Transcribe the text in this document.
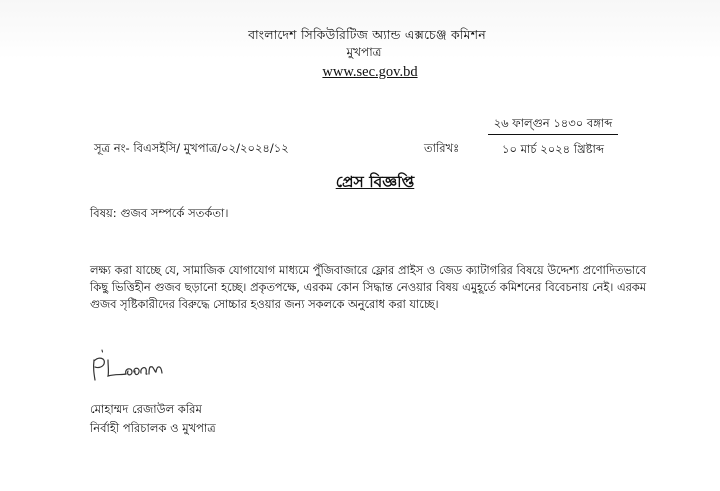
বাংলাদেশ সিকিউরিটিজ অ্যান্ড এক্সচেঞ্জ কমিশন
মুখপাত্র
www.sec.gov.bd
সূত্র নং- বিএসইসি/ মুখপাত্র/০২/২০২৪/১২	তারিখঃ
২৬ ফাল্গুন ১৪৩০ বঙ্গাব্দ
১০ মার্চ ২০২৪ খ্রিষ্টাব্দ
প্রেস বিজ্ঞপ্তি
বিষয়: গুজব সম্পর্কে সতর্কতা।
লক্ষ্য করা যাচ্ছে যে, সামাজিক যোগাযোগ মাধ্যমে পুঁজিবাজারে ফ্লোর প্রাইস ও জেড ক্যাটাগরির বিষয়ে উদ্দেশ্য প্রণোদিতভাবে কিছু ভিত্তিহীন গুজব ছড়ানো হচ্ছে। প্রকৃতপক্ষে, এরকম কোন সিদ্ধান্ত নেওয়ার বিষয় এমুহূর্তে কমিশনের বিবেচনায় নেই। এরকম গুজব সৃষ্টিকারীদের বিরুদ্ধে সোচ্চার হওয়ার জন্য সকলকে অনুরোধ করা যাচ্ছে।
মোহাম্মদ রেজাউল করিম
নির্বাহী পরিচালক ও মুখপাত্র
